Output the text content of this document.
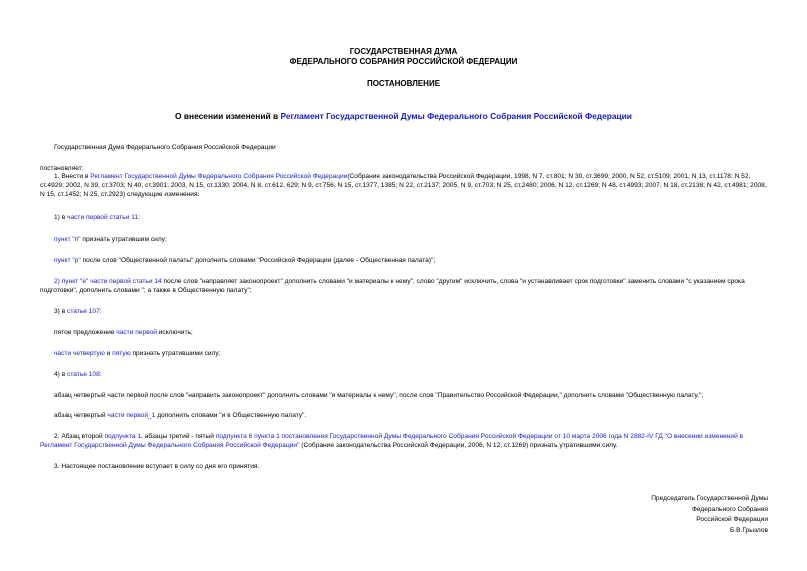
ГОСУДАРСТВЕННАЯ ДУМА
ФЕДЕРАЛЬНОГО СОБРАНИЯ РОССИЙСКОЙ ФЕДЕРАЦИИ
ПОСТАНОВЛЕНИЕ
О внесении изменений в Регламент Государственной Думы Федерального Собрания Российской Федерации
Государственная Дума Федерального Собрания Российской Федерации
постановляет:
1. Внести в Регламент Государственной Думы Федерального Собрания Российской Федерации(Собрание законодательства Российской Федерации, 1998, N 7, ст.801; N 30, ст.3699; 2000, N 52, ст.5109; 2001, N 13, ст.1178; N 52, ст.4929; 2002, N 39, ст.3703; N 40, ст.3901; 2003, N 15, ст.1330; 2004, N 8, ст.612, 629; N 9, ст.756; N 15, ст.1377, 1385; N 22, ст.2137; 2005, N 9, ст.703; N 25, ст.2480; 2006, N 12, ст.1269; N 48, ст.4993; 2007, N 18, ст.2138; N 42, ст.4981; 2008, N 15, ст.1452; N 25, ст.2923) следующие изменения:
1) в части первой статьи 11:
пункт "п" признать утратившим силу;
пункт "р" после слов "Общественной палаты" дополнить словами "Российской Федерации (далее - Общественная палата)";
2) пункт "е" части первой статьи 14 после слов "направляет законопроект" дополнить словами "и материалы к нему", слово "другим" исключить, слова "и устанавливает срок подготовки" заменить словами "с указанием срока подготовки", дополнить словами "; а также в Общественную палату";
3) в статье 107:
пятое предложение части первой исключить;
части четвертую и пятую признать утратившими силу;
4) в статье 108:
абзац четвертый части первой после слов "направить законопроект" дополнить словами "и материалы к нему", после слов "Правительство Российской Федерации," дополнить словами "Общественную палату,";
абзац четвертый части первой_1 дополнить словами "и в Общественную палату".
2. Абзац второй подпункта 1, абзацы третий - пятый подпункта 6 пункта 1 постановления Государственной Думы Федерального Собрания Российской Федерации от 10 марта 2006 года N 2882-IV ГД "О внесении изменений в Регламент Государственной Думы Федерального Собрания Российской Федерации" (Собрание законодательства Российской Федерации, 2006, N 12, ст.1269) признать утратившими силу.
3. Настоящее постановление вступает в силу со дня его принятия.
Председатель Государственной Думы
Федерального Собрания
Российской Федерации
Б.В.Грызлов
